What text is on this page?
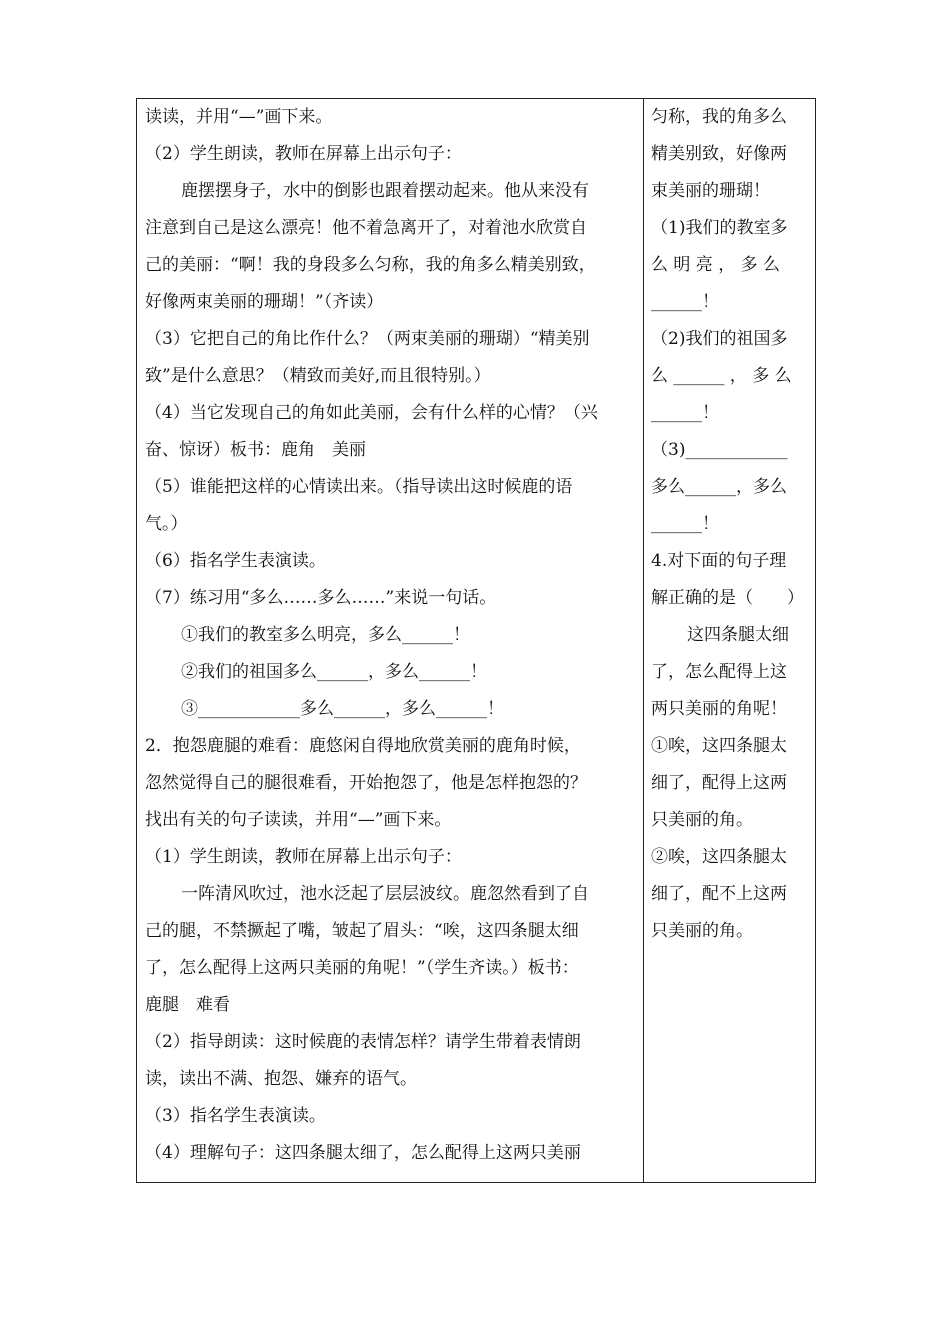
读读，并用“—”画下来。
（2）学生朗读，教师在屏幕上出示句子：
鹿摆摆身子，水中的倒影也跟着摆动起来。他从来没有
注意到自己是这么漂亮！他不着急离开了，对着池水欣赏自
己的美丽：“啊！我的身段多么匀称，我的角多么精美别致，
好像两束美丽的珊瑚！”（齐读）
（3）它把自己的角比作什么？（两束美丽的珊瑚）“精美别
致”是什么意思？（精致而美好,而且很特别。）
（4）当它发现自己的角如此美丽，会有什么样的心情？（兴
奋、惊讶）板书：鹿角　美丽
（5）谁能把这样的心情读出来。（指导读出这时候鹿的语
气。）
（6）指名学生表演读。
（7）练习用“多么……多么……”来说一句话。
①我们的教室多么明亮，多么______！
②我们的祖国多么______，多么______！
③____________多么______，多么______！
2．抱怨鹿腿的难看：鹿悠闲自得地欣赏美丽的鹿角时候，
忽然觉得自己的腿很难看，开始抱怨了，他是怎样抱怨的？
找出有关的句子读读，并用“—”画下来。
（1）学生朗读，教师在屏幕上出示句子：
一阵清风吹过，池水泛起了层层波纹。鹿忽然看到了自
己的腿，不禁撅起了嘴，皱起了眉头：“唉，这四条腿太细
了，怎么配得上这两只美丽的角呢！”（学生齐读。）板书：
鹿腿　难看
（2）指导朗读：这时候鹿的表情怎样？请学生带着表情朗
读，读出不满、抱怨、嫌弃的语气。
（3）指名学生表演读。
（4）理解句子：这四条腿太细了，怎么配得上这两只美丽
匀称，我的角多么
精美别致，好像两
束美丽的珊瑚！
（1)我们的教室多
么 明 亮 ， 多 么
______！
（2)我们的祖国多
么 ______ ， 多 么
______！
（3)____________
多么______，多么
______！
4.对下面的句子理
解正确的是（　　）
这四条腿太细
了，怎么配得上这
两只美丽的角呢！
①唉，这四条腿太
细了，配得上这两
只美丽的角。
②唉，这四条腿太
细了，配不上这两
只美丽的角。
